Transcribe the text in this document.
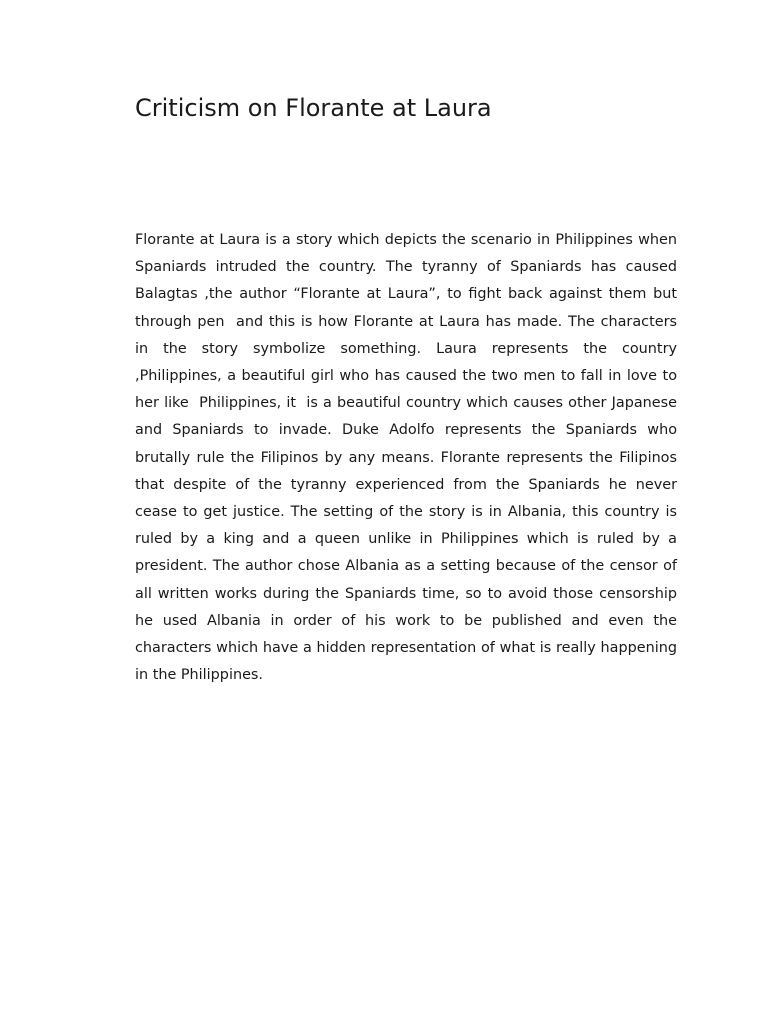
Criticism on Florante at Laura

Florante at Laura is a story which depicts the scenario in Philippines when Spaniards intruded the country. The tyranny of Spaniards has caused Balagtas ,the author “Florante at Laura”, to fight back against them but through pen  and this is how Florante at Laura has made. The characters in the story symbolize something. Laura represents the country ,Philippines, a beautiful girl who has caused the two men to fall in love to her like  Philippines, it  is a beautiful country which causes other Japanese and Spaniards to invade. Duke Adolfo represents the Spaniards who brutally rule the Filipinos by any means. Florante represents the Filipinos that despite of the tyranny experienced from the Spaniards he never cease to get justice. The setting of the story is in Albania, this country is ruled by a king and a queen unlike in Philippines which is ruled by a president. The author chose Albania as a setting because of the censor of all written works during the Spaniards time, so to avoid those censorship he used Albania in order of his work to be published and even the characters which have a hidden representation of what is really happening in the Philippines.
